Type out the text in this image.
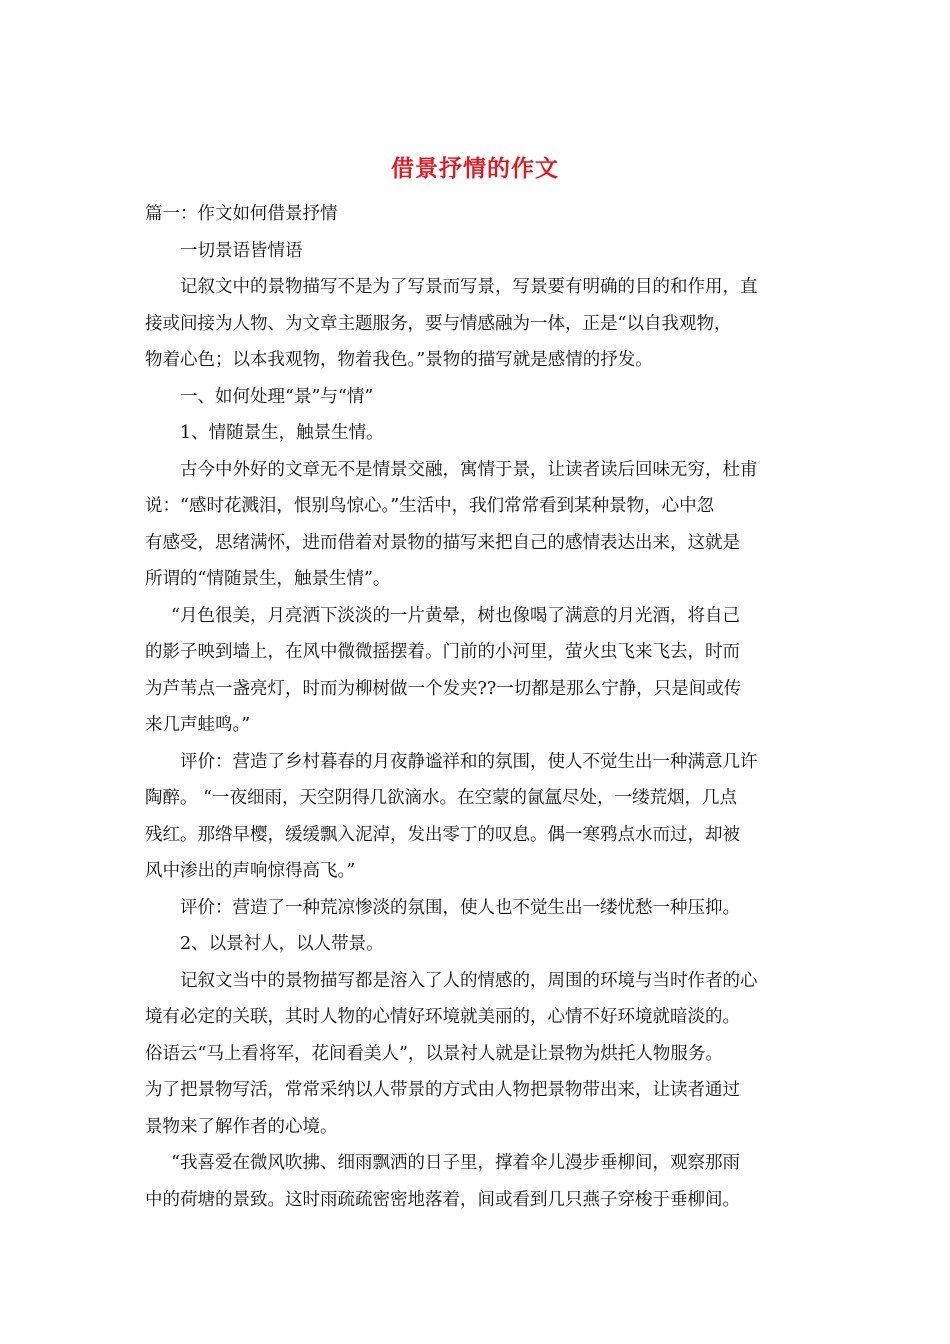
借景抒情的作文
篇一：作文如何借景抒情
一切景语皆情语
记叙文中的景物描写不是为了写景而写景，写景要有明确的目的和作用，直
接或间接为人物、为文章主题服务，要与情感融为一体，正是“以自我观物，
物着心色；以本我观物，物着我色。”景物的描写就是感情的抒发。
一、如何处理“景”与“情”
1、情随景生，触景生情。
古今中外好的文章无不是情景交融，寓情于景，让读者读后回味无穷，杜甫
说：“感时花溅泪，恨别鸟惊心。”生活中，我们常常看到某种景物，心中忽
有感受，思绪满怀，进而借着对景物的描写来把自己的感情表达出来，这就是
所谓的“情随景生，触景生情”。
“月色很美，月亮洒下淡淡的一片黄晕，树也像喝了满意的月光酒，将自己
的影子映到墙上，在风中微微摇摆着。门前的小河里，萤火虫飞来飞去，时而
为芦苇点一盏亮灯，时而为柳树做一个发夹??一切都是那么宁静，只是间或传
来几声蛙鸣。”
评价：营造了乡村暮春的月夜静谧祥和的氛围，使人不觉生出一种满意几许
陶醉。 “一夜细雨，天空阴得几欲滴水。在空蒙的氤氲尽处，一缕荒烟，几点
残红。那绺早樱，缓缓飘入泥淖，发出零丁的叹息。偶一寒鸦点水而过，却被
风中渗出的声响惊得高飞。”
评价：营造了一种荒凉惨淡的氛围，使人也不觉生出一缕忧愁一种压抑。
2、以景衬人，以人带景。
记叙文当中的景物描写都是溶入了人的情感的，周围的环境与当时作者的心
境有必定的关联，其时人物的心情好环境就美丽的，心情不好环境就暗淡的。
俗语云“马上看将军，花间看美人”，以景衬人就是让景物为烘托人物服务。
为了把景物写活，常常采纳以人带景的方式由人物把景物带出来，让读者通过
景物来了解作者的心境。
“我喜爱在微风吹拂、细雨飘洒的日子里，撑着伞儿漫步垂柳间，观察那雨
中的荷塘的景致。这时雨疏疏密密地落着，间或看到几只燕子穿梭于垂柳间。
